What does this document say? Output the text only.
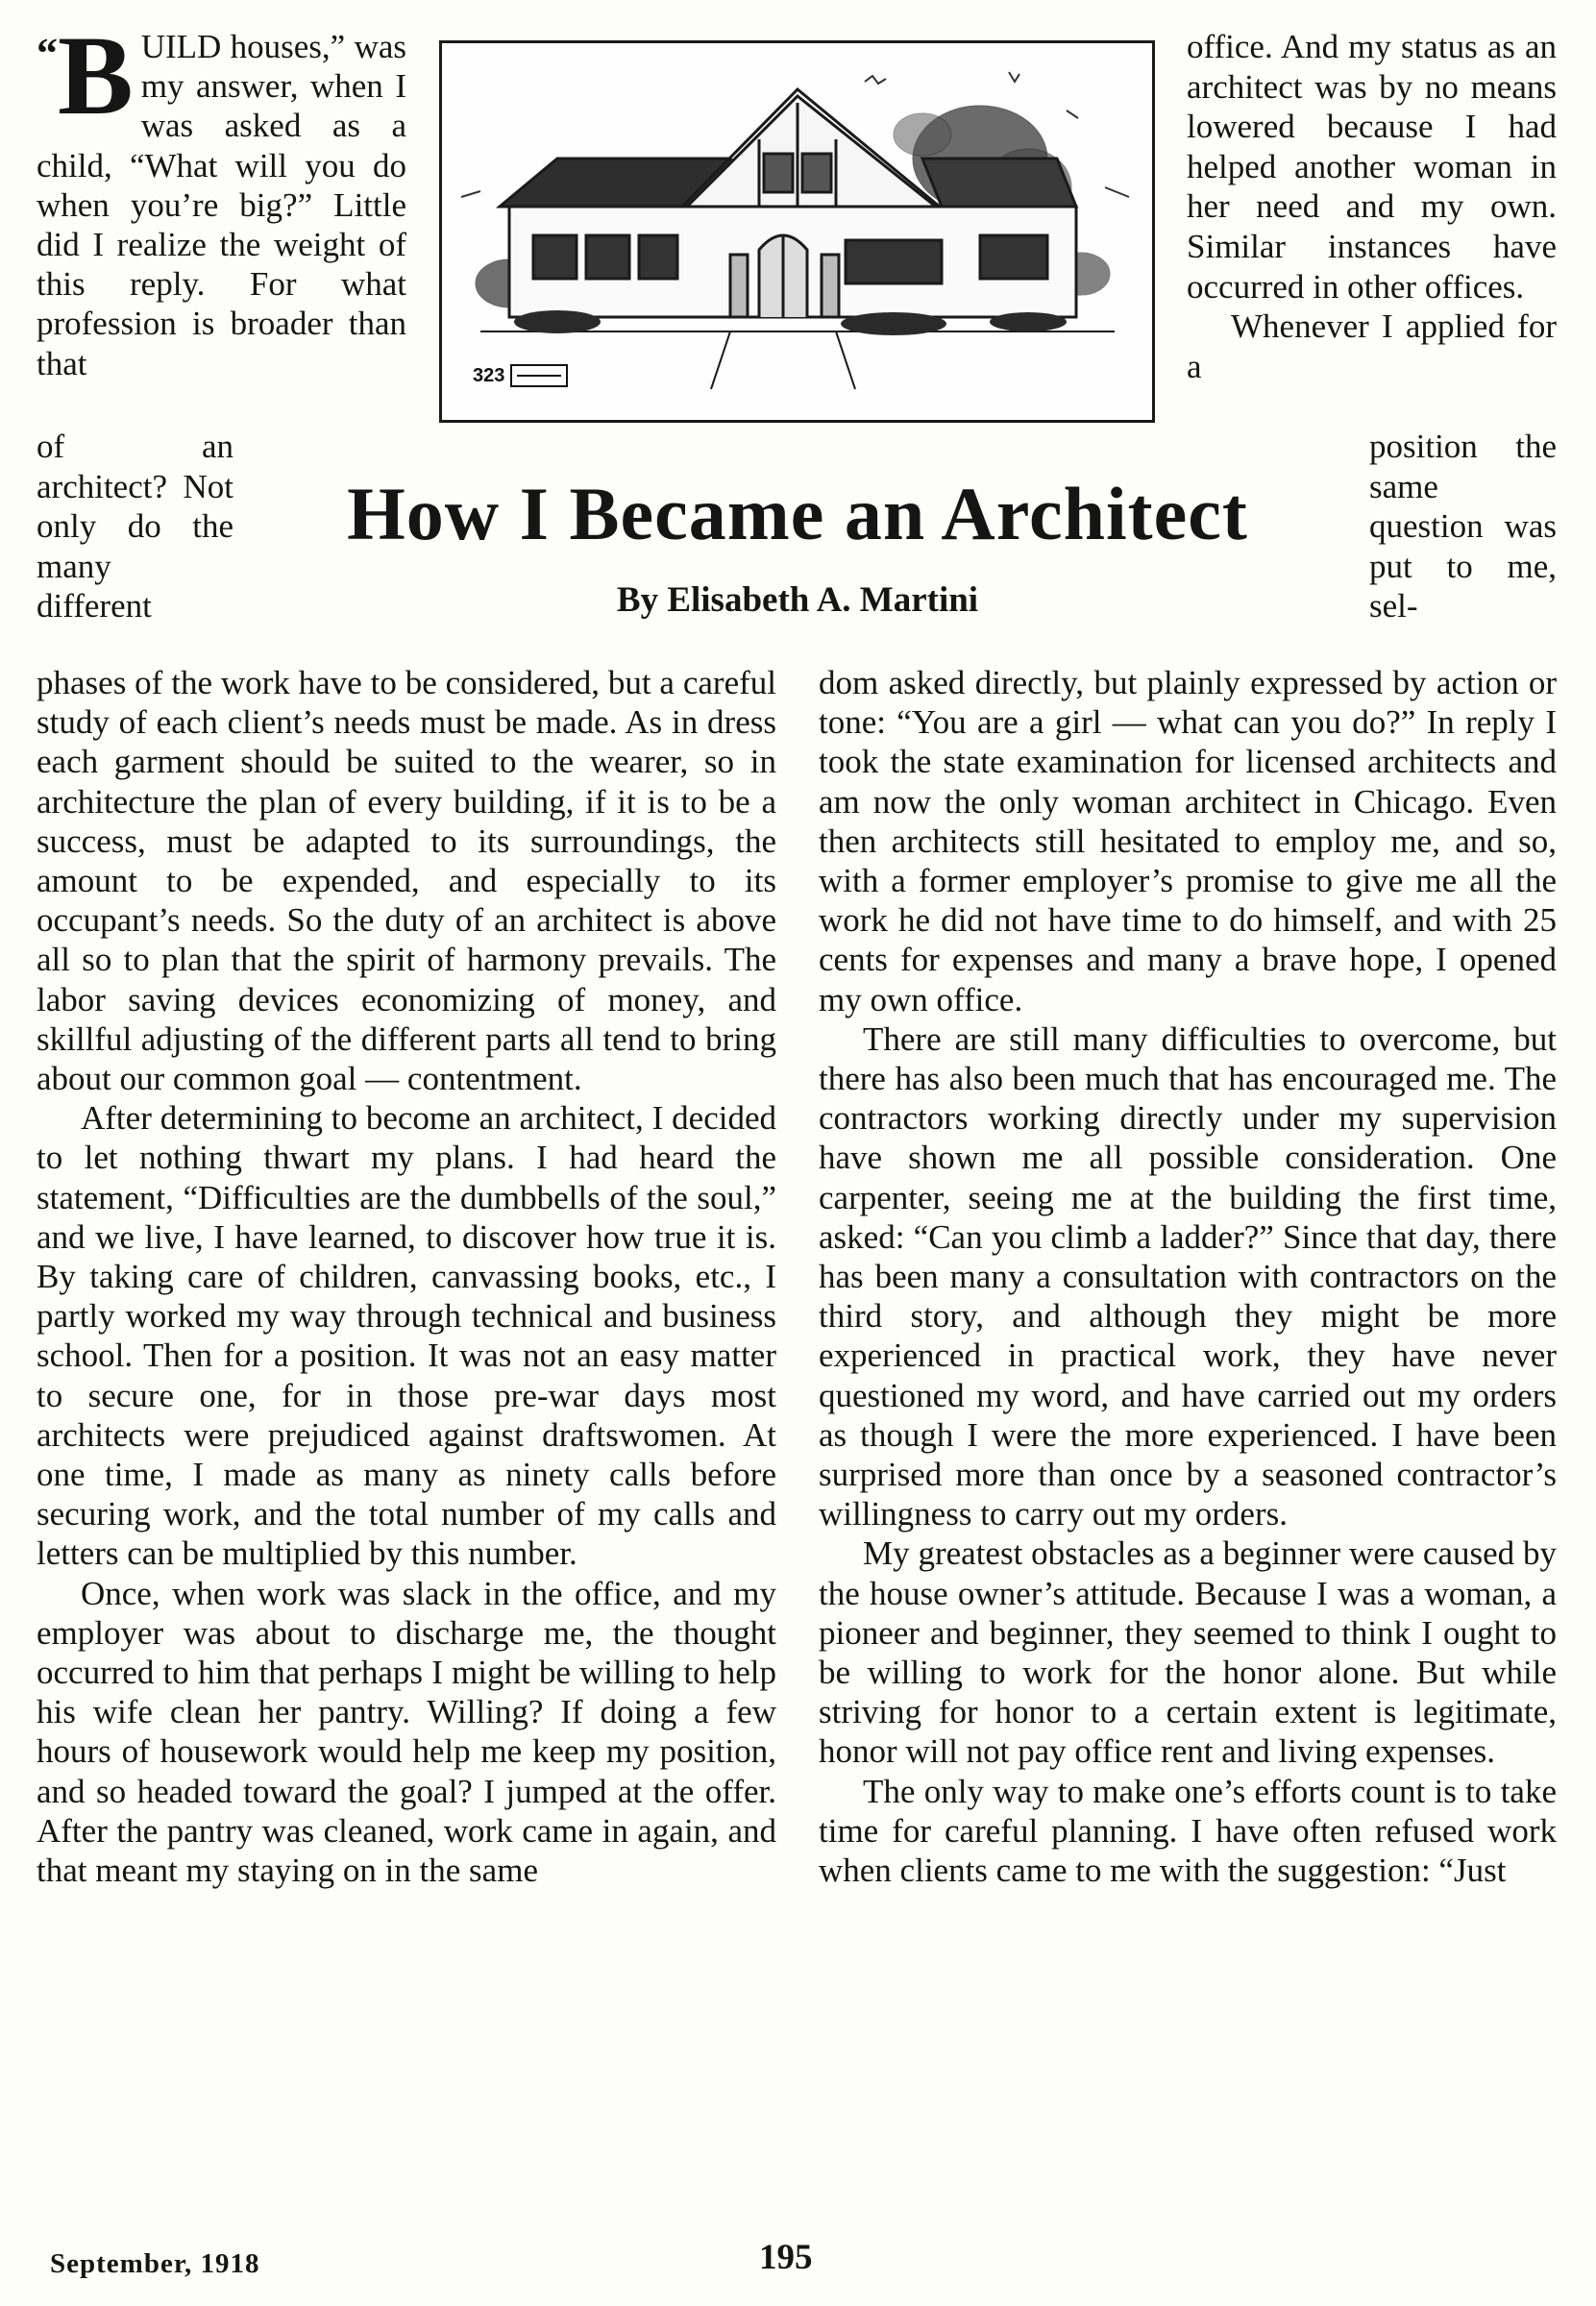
“B UILD houses,” was my answer, when I was asked as a child, “What will you do when you’re big?” Little did I realize the weight of this reply. For what profession is broader than that	323

office. And my status as an architect was by no means lowered because I had helped another woman in her need and my own. Similar instances have occurred in other offices.

Whenever I applied for a

of an architect? Not only do the many different

position the same question was put to me, sel-

How I Became an Architect
By Elisabeth A. Martini

phases of the work have to be considered, but a careful study of each client’s needs must be made. As in dress each garment should be suited to the wearer, so in architecture the plan of every building, if it is to be a success, must be adapted to its surroundings, the amount to be expended, and especially to its occupant’s needs. So the duty of an architect is above all so to plan that the spirit of harmony prevails. The labor saving devices economizing of money, and skillful adjusting of the different parts all tend to bring about our common goal — contentment.

After determining to become an architect, I decided to let nothing thwart my plans. I had heard the statement, “Difficulties are the dumbbells of the soul,” and we live, I have learned, to discover how true it is. By taking care of children, canvassing books, etc., I partly worked my way through technical and business school. Then for a position. It was not an easy matter to secure one, for in those pre-war days most architects were prejudiced against draftswomen. At one time, I made as many as ninety calls before securing work, and the total number of my calls and letters can be multiplied by this number.

Once, when work was slack in the office, and my employer was about to discharge me, the thought occurred to him that perhaps I might be willing to help his wife clean her pantry. Willing? If doing a few hours of housework would help me keep my position, and so headed toward the goal? I jumped at the offer. After the pantry was cleaned, work came in again, and that meant my staying on in the same

dom asked directly, but plainly expressed by action or tone: “You are a girl — what can you do?” In reply I took the state examination for licensed architects and am now the only woman architect in Chicago. Even then architects still hesitated to employ me, and so, with a former employer’s promise to give me all the work he did not have time to do himself, and with 25 cents for expenses and many a brave hope, I opened my own office.

There are still many difficulties to overcome, but there has also been much that has encouraged me. The contractors working directly under my supervision have shown me all possible consideration. One carpenter, seeing me at the building the first time, asked: “Can you climb a ladder?” Since that day, there has been many a consultation with contractors on the third story, and although they might be more experienced in practical work, they have never questioned my word, and have carried out my orders as though I were the more experienced. I have been surprised more than once by a seasoned contractor’s willingness to carry out my orders.

My greatest obstacles as a beginner were caused by the house owner’s attitude. Because I was a woman, a pioneer and beginner, they seemed to think I ought to be willing to work for the honor alone. But while striving for honor to a certain extent is legitimate, honor will not pay office rent and living expenses.

The only way to make one’s efforts count is to take time for careful planning. I have often refused work when clients came to me with the suggestion: “Just

September, 1918	195
